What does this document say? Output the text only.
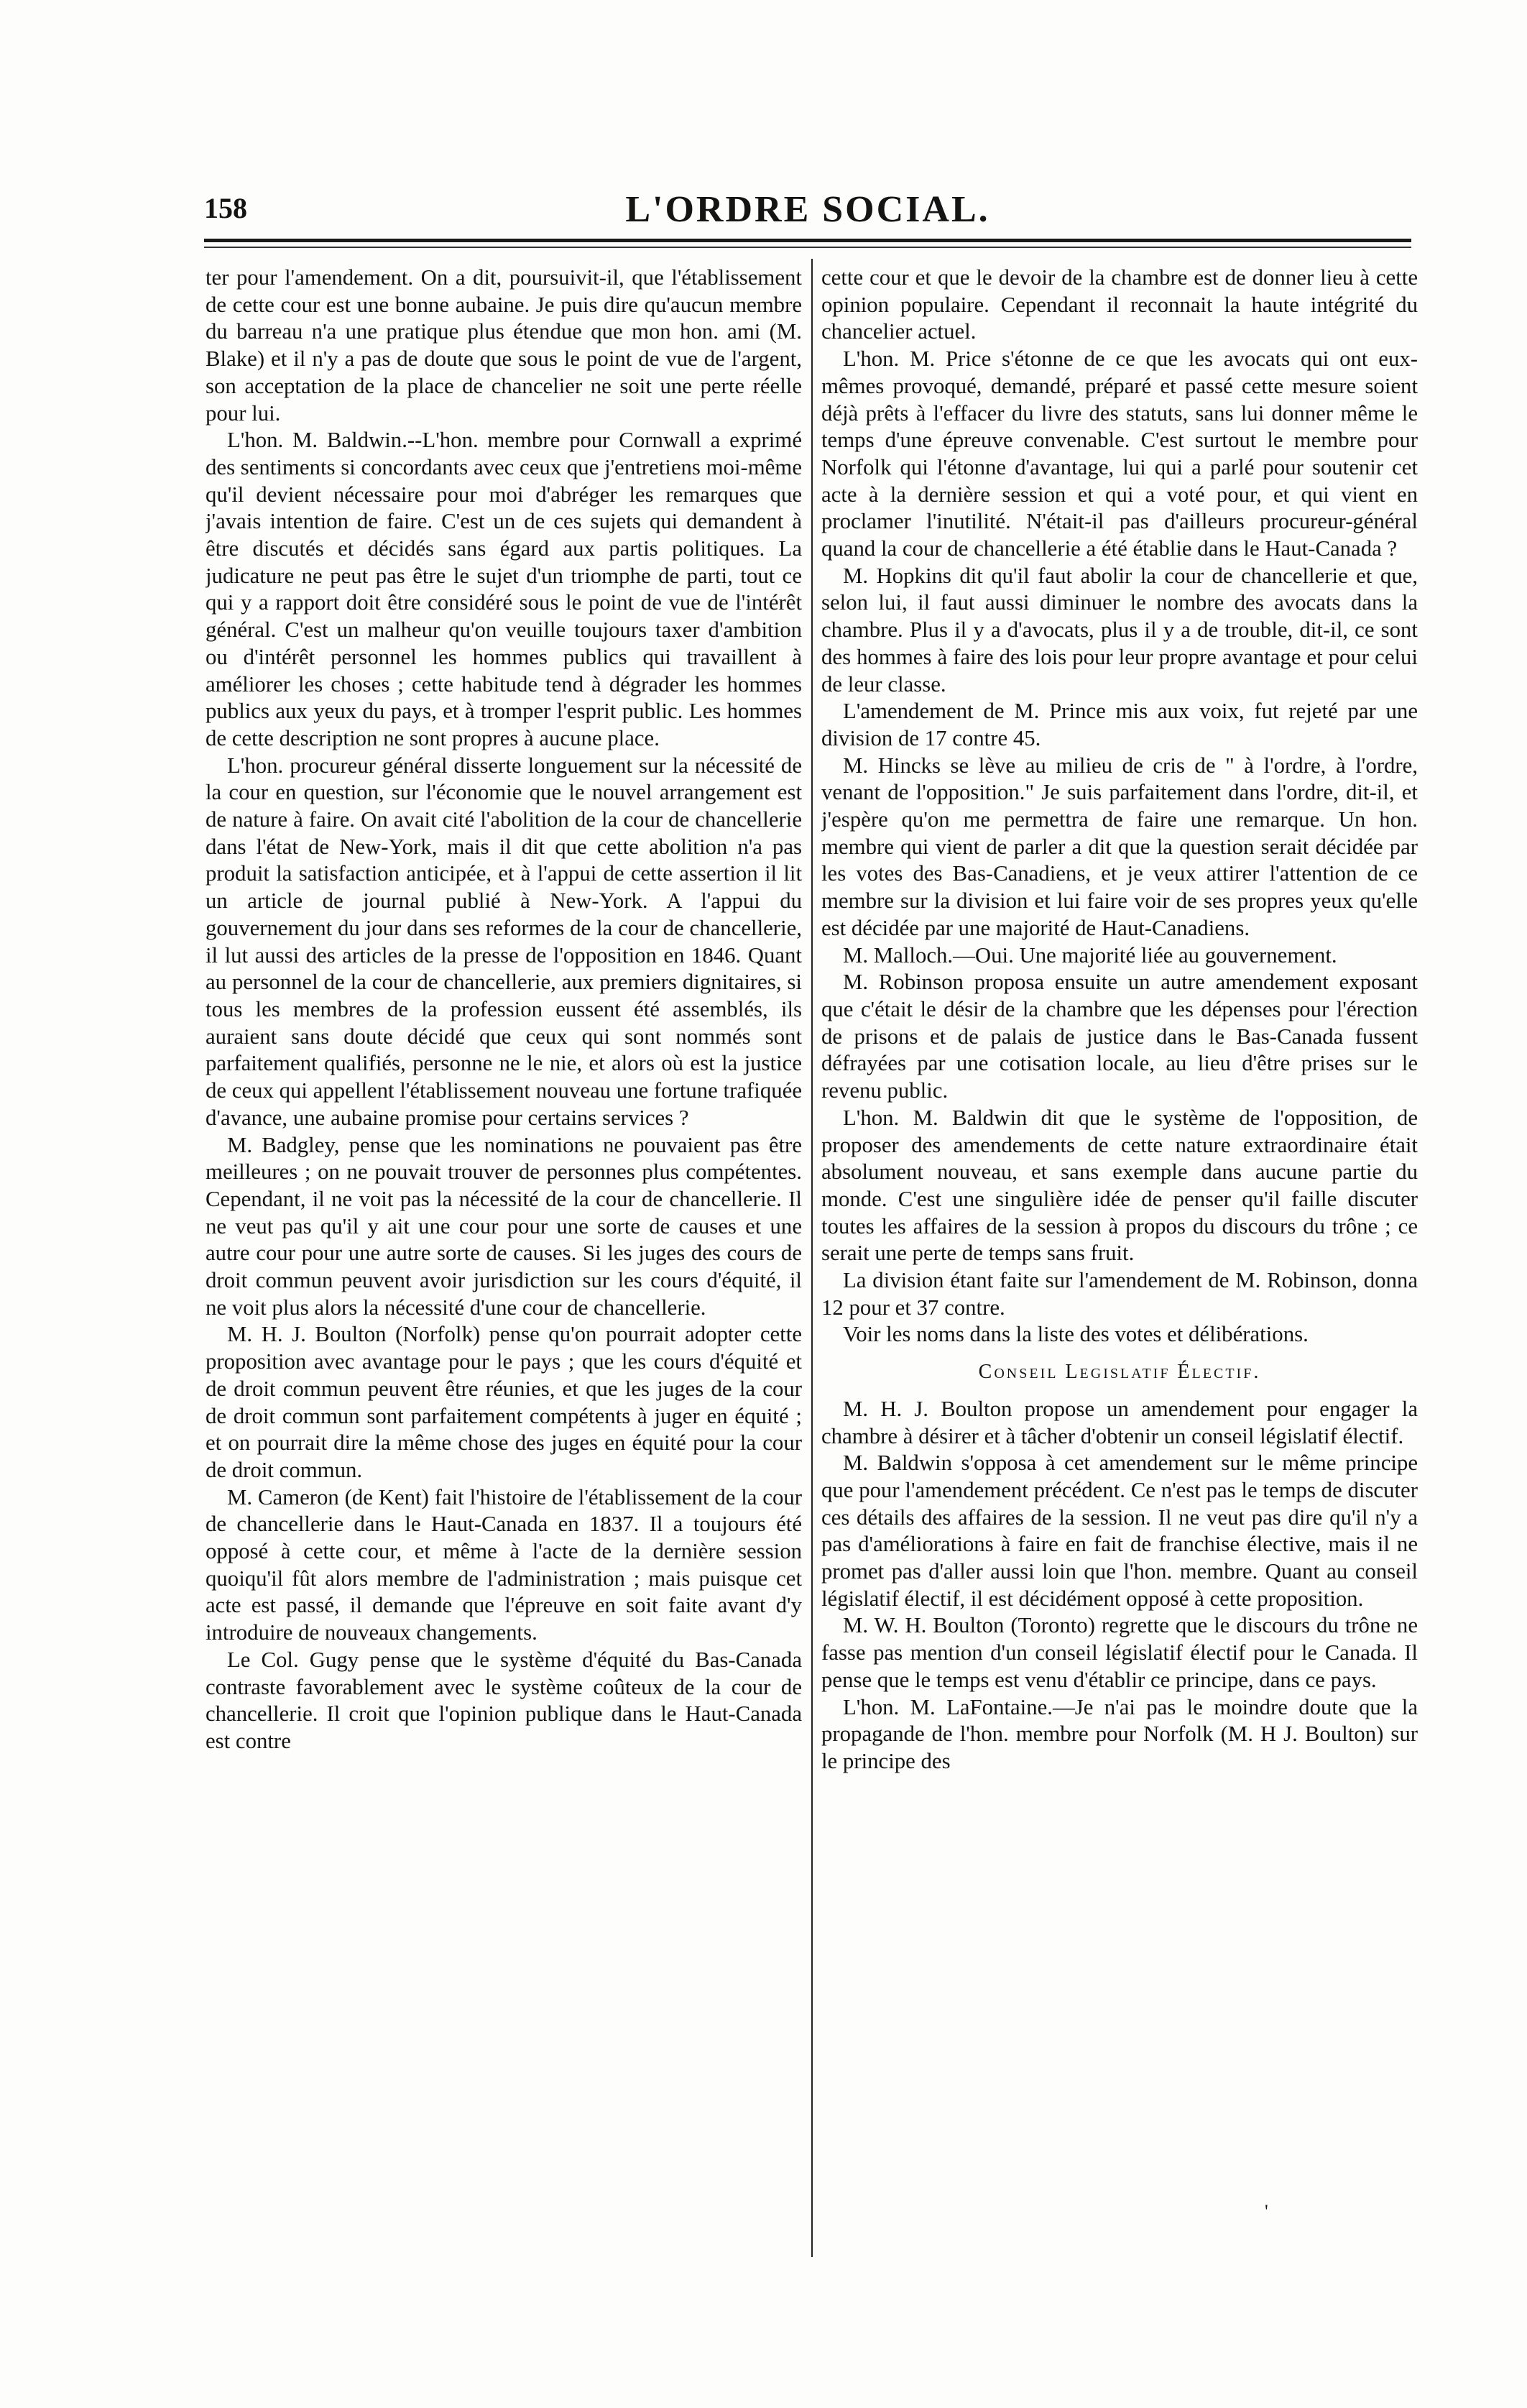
158	L'ORDRE SOCIAL.

ter pour l'amendement. On a dit, poursuivit-il, que l'établissement de cette cour est une bonne aubaine. Je puis dire qu'aucun membre du barreau n'a une pratique plus étendue que mon hon. ami (M. Blake) et il n'y a pas de doute que sous le point de vue de l'argent, son acceptation de la place de chancelier ne soit une perte réelle pour lui.

L'hon. M. Baldwin.--L'hon. membre pour Cornwall a exprimé des sentiments si concordants avec ceux que j'entretiens moi-même qu'il devient nécessaire pour moi d'abréger les remarques que j'avais intention de faire. C'est un de ces sujets qui demandent à être discutés et décidés sans égard aux partis politiques. La judicature ne peut pas être le sujet d'un triomphe de parti, tout ce qui y a rapport doit être considéré sous le point de vue de l'intérêt général. C'est un malheur qu'on veuille toujours taxer d'ambition ou d'intérêt personnel les hommes publics qui travaillent à améliorer les choses ; cette habitude tend à dégrader les hommes publics aux yeux du pays, et à tromper l'esprit public. Les hommes de cette description ne sont propres à aucune place.

L'hon. procureur général disserte longuement sur la nécessité de la cour en question, sur l'économie que le nouvel arrangement est de nature à faire. On avait cité l'abolition de la cour de chancellerie dans l'état de New-York, mais il dit que cette abolition n'a pas produit la satisfaction anticipée, et à l'appui de cette assertion il lit un article de journal publié à New-York. A l'appui du gouvernement du jour dans ses reformes de la cour de chancellerie, il lut aussi des articles de la presse de l'opposition en 1846. Quant au personnel de la cour de chancellerie, aux premiers dignitaires, si tous les membres de la profession eussent été assemblés, ils auraient sans doute décidé que ceux qui sont nommés sont parfaitement qualifiés, personne ne le nie, et alors où est la justice de ceux qui appellent l'établissement nouveau une fortune trafiquée d'avance, une aubaine promise pour certains services ?

M. Badgley, pense que les nominations ne pouvaient pas être meilleures ; on ne pouvait trouver de personnes plus compétentes. Cependant, il ne voit pas la nécessité de la cour de chancellerie. Il ne veut pas qu'il y ait une cour pour une sorte de causes et une autre cour pour une autre sorte de causes. Si les juges des cours de droit commun peuvent avoir jurisdiction sur les cours d'équité, il ne voit plus alors la nécessité d'une cour de chancellerie.

M. H. J. Boulton (Norfolk) pense qu'on pourrait adopter cette proposition avec avantage pour le pays ; que les cours d'équité et de droit commun peuvent être réunies, et que les juges de la cour de droit commun sont parfaitement compétents à juger en équité ; et on pourrait dire la même chose des juges en équité pour la cour de droit commun.

M. Cameron (de Kent) fait l'histoire de l'établissement de la cour de chancellerie dans le Haut-Canada en 1837. Il a toujours été opposé à cette cour, et même à l'acte de la dernière session quoiqu'il fût alors membre de l'administration ; mais puisque cet acte est passé, il demande que l'épreuve en soit faite avant d'y introduire de nouveaux changements.

Le Col. Gugy pense que le système d'équité du Bas-Canada contraste favorablement avec le système coûteux de la cour de chancellerie. Il croit que l'opinion publique dans le Haut-Canada est contre

cette cour et que le devoir de la chambre est de donner lieu à cette opinion populaire. Cependant il reconnait la haute intégrité du chancelier actuel.

L'hon. M. Price s'étonne de ce que les avocats qui ont eux-mêmes provoqué, demandé, préparé et passé cette mesure soient déjà prêts à l'effacer du livre des statuts, sans lui donner même le temps d'une épreuve convenable. C'est surtout le membre pour Norfolk qui l'étonne d'avantage, lui qui a parlé pour soutenir cet acte à la dernière session et qui a voté pour, et qui vient en proclamer l'inutilité. N'était-il pas d'ailleurs procureur-général quand la cour de chancellerie a été établie dans le Haut-Canada ?

M. Hopkins dit qu'il faut abolir la cour de chancellerie et que, selon lui, il faut aussi diminuer le nombre des avocats dans la chambre. Plus il y a d'avocats, plus il y a de trouble, dit-il, ce sont des hommes à faire des lois pour leur propre avantage et pour celui de leur classe.

L'amendement de M. Prince mis aux voix, fut rejeté par une division de 17 contre 45.

M. Hincks se lève au milieu de cris de " à l'ordre, à l'ordre, venant de l'opposition." Je suis parfaitement dans l'ordre, dit-il, et j'espère qu'on me permettra de faire une remarque. Un hon. membre qui vient de parler a dit que la question serait décidée par les votes des Bas-Canadiens, et je veux attirer l'attention de ce membre sur la division et lui faire voir de ses propres yeux qu'elle est décidée par une majorité de Haut-Canadiens.

M. Malloch.—Oui. Une majorité liée au gouvernement.

M. Robinson proposa ensuite un autre amendement exposant que c'était le désir de la chambre que les dépenses pour l'érection de prisons et de palais de justice dans le Bas-Canada fussent défrayées par une cotisation locale, au lieu d'être prises sur le revenu public.

L'hon. M. Baldwin dit que le système de l'opposition, de proposer des amendements de cette nature extraordinaire était absolument nouveau, et sans exemple dans aucune partie du monde. C'est une singulière idée de penser qu'il faille discuter toutes les affaires de la session à propos du discours du trône ; ce serait une perte de temps sans fruit.

La division étant faite sur l'amendement de M. Robinson, donna 12 pour et 37 contre.

Voir les noms dans la liste des votes et délibérations.

Conseil Legislatif Électif.

M. H. J. Boulton propose un amendement pour engager la chambre à désirer et à tâcher d'obtenir un conseil législatif électif.

M. Baldwin s'opposa à cet amendement sur le même principe que pour l'amendement précédent. Ce n'est pas le temps de discuter ces détails des affaires de la session. Il ne veut pas dire qu'il n'y a pas d'améliorations à faire en fait de franchise élective, mais il ne promet pas d'aller aussi loin que l'hon. membre. Quant au conseil législatif électif, il est décidément opposé à cette proposition.

M. W. H. Boulton (Toronto) regrette que le discours du trône ne fasse pas mention d'un conseil législatif électif pour le Canada. Il pense que le temps est venu d'établir ce principe, dans ce pays.

L'hon. M. LaFontaine.—Je n'ai pas le moindre doute que la propagande de l'hon. membre pour Norfolk (M. H J. Boulton) sur le principe des

'
